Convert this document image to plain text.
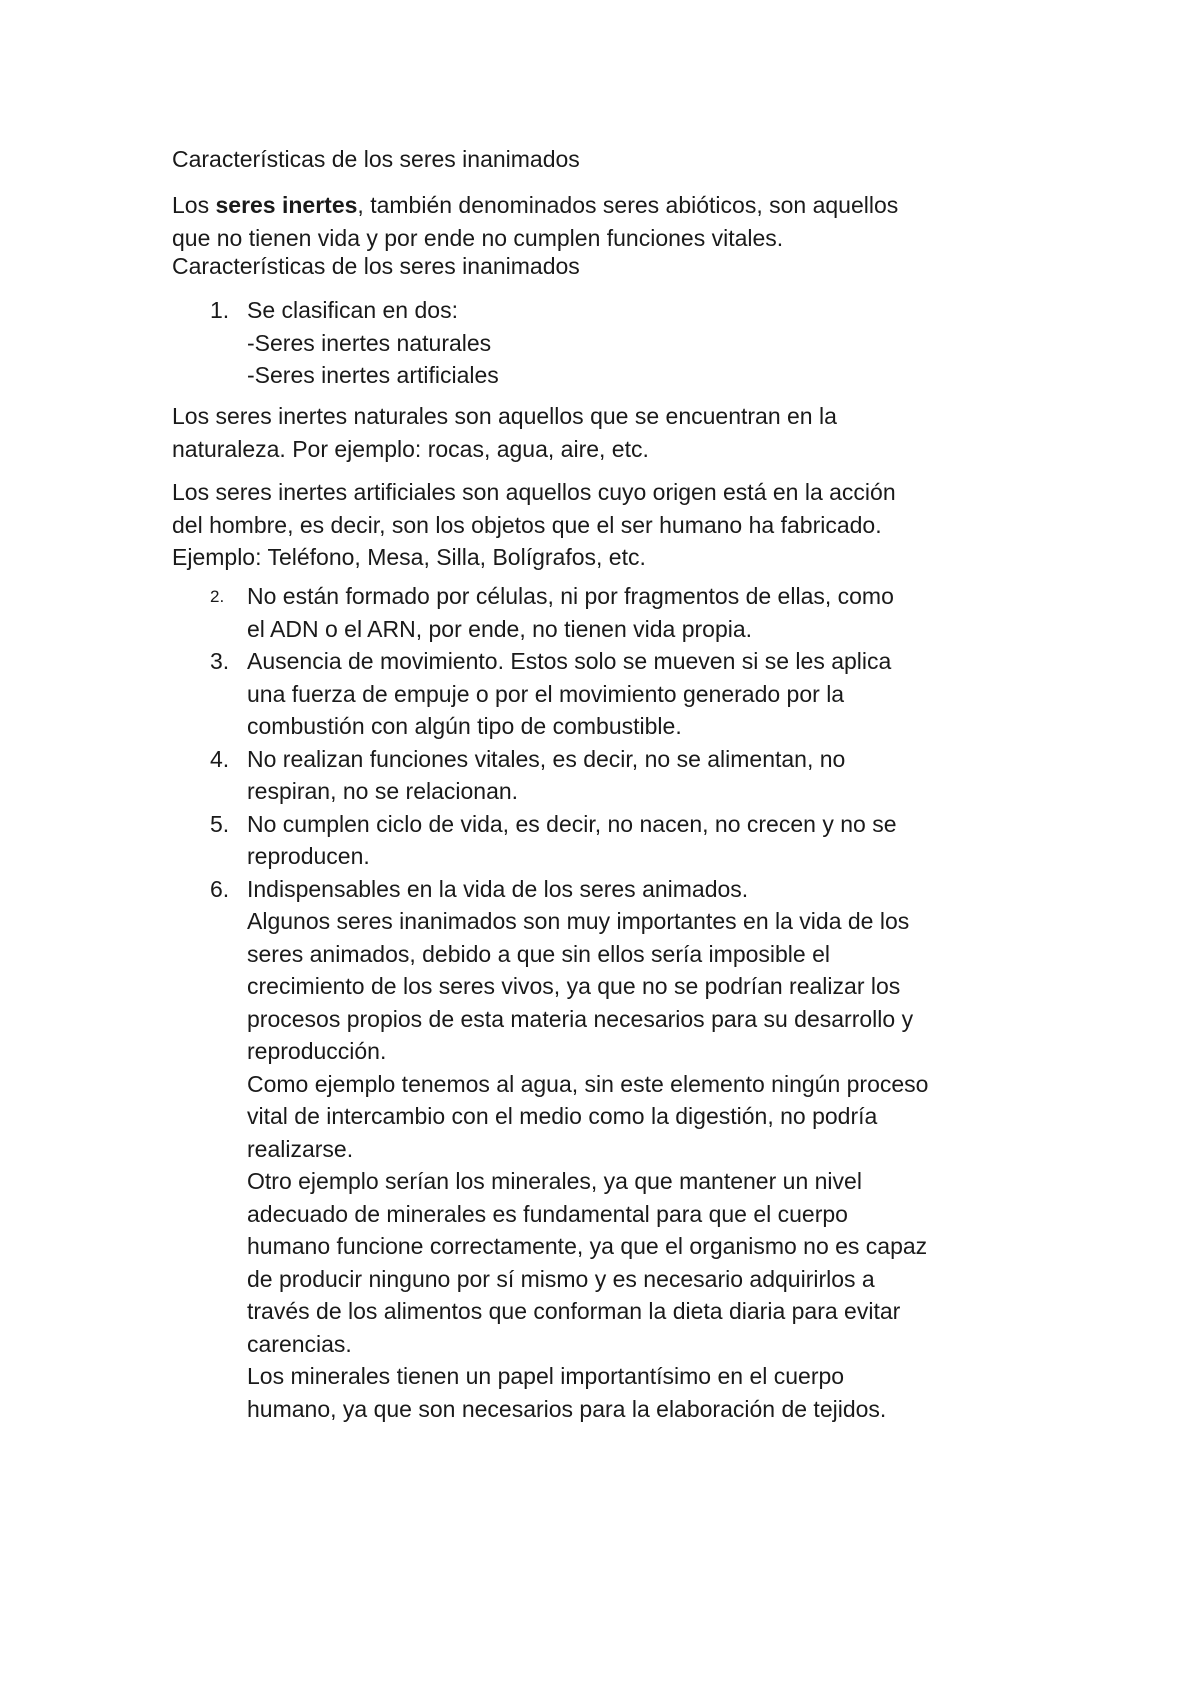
Características de los seres inanimados

Los seres inertes, también denominados seres abióticos, son aquellos
que no tienen vida y por ende no cumplen funciones vitales.

Características de los seres inanimados

1. Se clasifican en dos:
-Seres inertes naturales
-Seres inertes artificiales

Los seres inertes naturales son aquellos que se encuentran en la
naturaleza. Por ejemplo: rocas, agua, aire, etc.

Los seres inertes artificiales son aquellos cuyo origen está en la acción
del hombre, es decir, son los objetos que el ser humano ha fabricado.
Ejemplo: Teléfono, Mesa, Silla, Bolígrafos, etc.

2. No están formado por células, ni por fragmentos de ellas, como
el ADN o el ARN, por ende, no tienen vida propia.
3. Ausencia de movimiento. Estos solo se mueven si se les aplica
una fuerza de empuje o por el movimiento generado por la
combustión con algún tipo de combustible.
4. No realizan funciones vitales, es decir, no se alimentan, no
respiran, no se relacionan.
5. No cumplen ciclo de vida, es decir, no nacen, no crecen y no se
reproducen.
6. Indispensables en la vida de los seres animados.
Algunos seres inanimados son muy importantes en la vida de los
seres animados, debido a que sin ellos sería imposible el
crecimiento de los seres vivos, ya que no se podrían realizar los
procesos propios de esta materia necesarios para su desarrollo y
reproducción.
Como ejemplo tenemos al agua, sin este elemento ningún proceso
vital de intercambio con el medio como la digestión, no podría
realizarse.
Otro ejemplo serían los minerales, ya que mantener un nivel
adecuado de minerales es fundamental para que el cuerpo
humano funcione correctamente, ya que el organismo no es capaz
de producir ninguno por sí mismo y es necesario adquirirlos a
través de los alimentos que conforman la dieta diaria para evitar
carencias.
Los minerales tienen un papel importantísimo en el cuerpo
humano, ya que son necesarios para la elaboración de tejidos.
